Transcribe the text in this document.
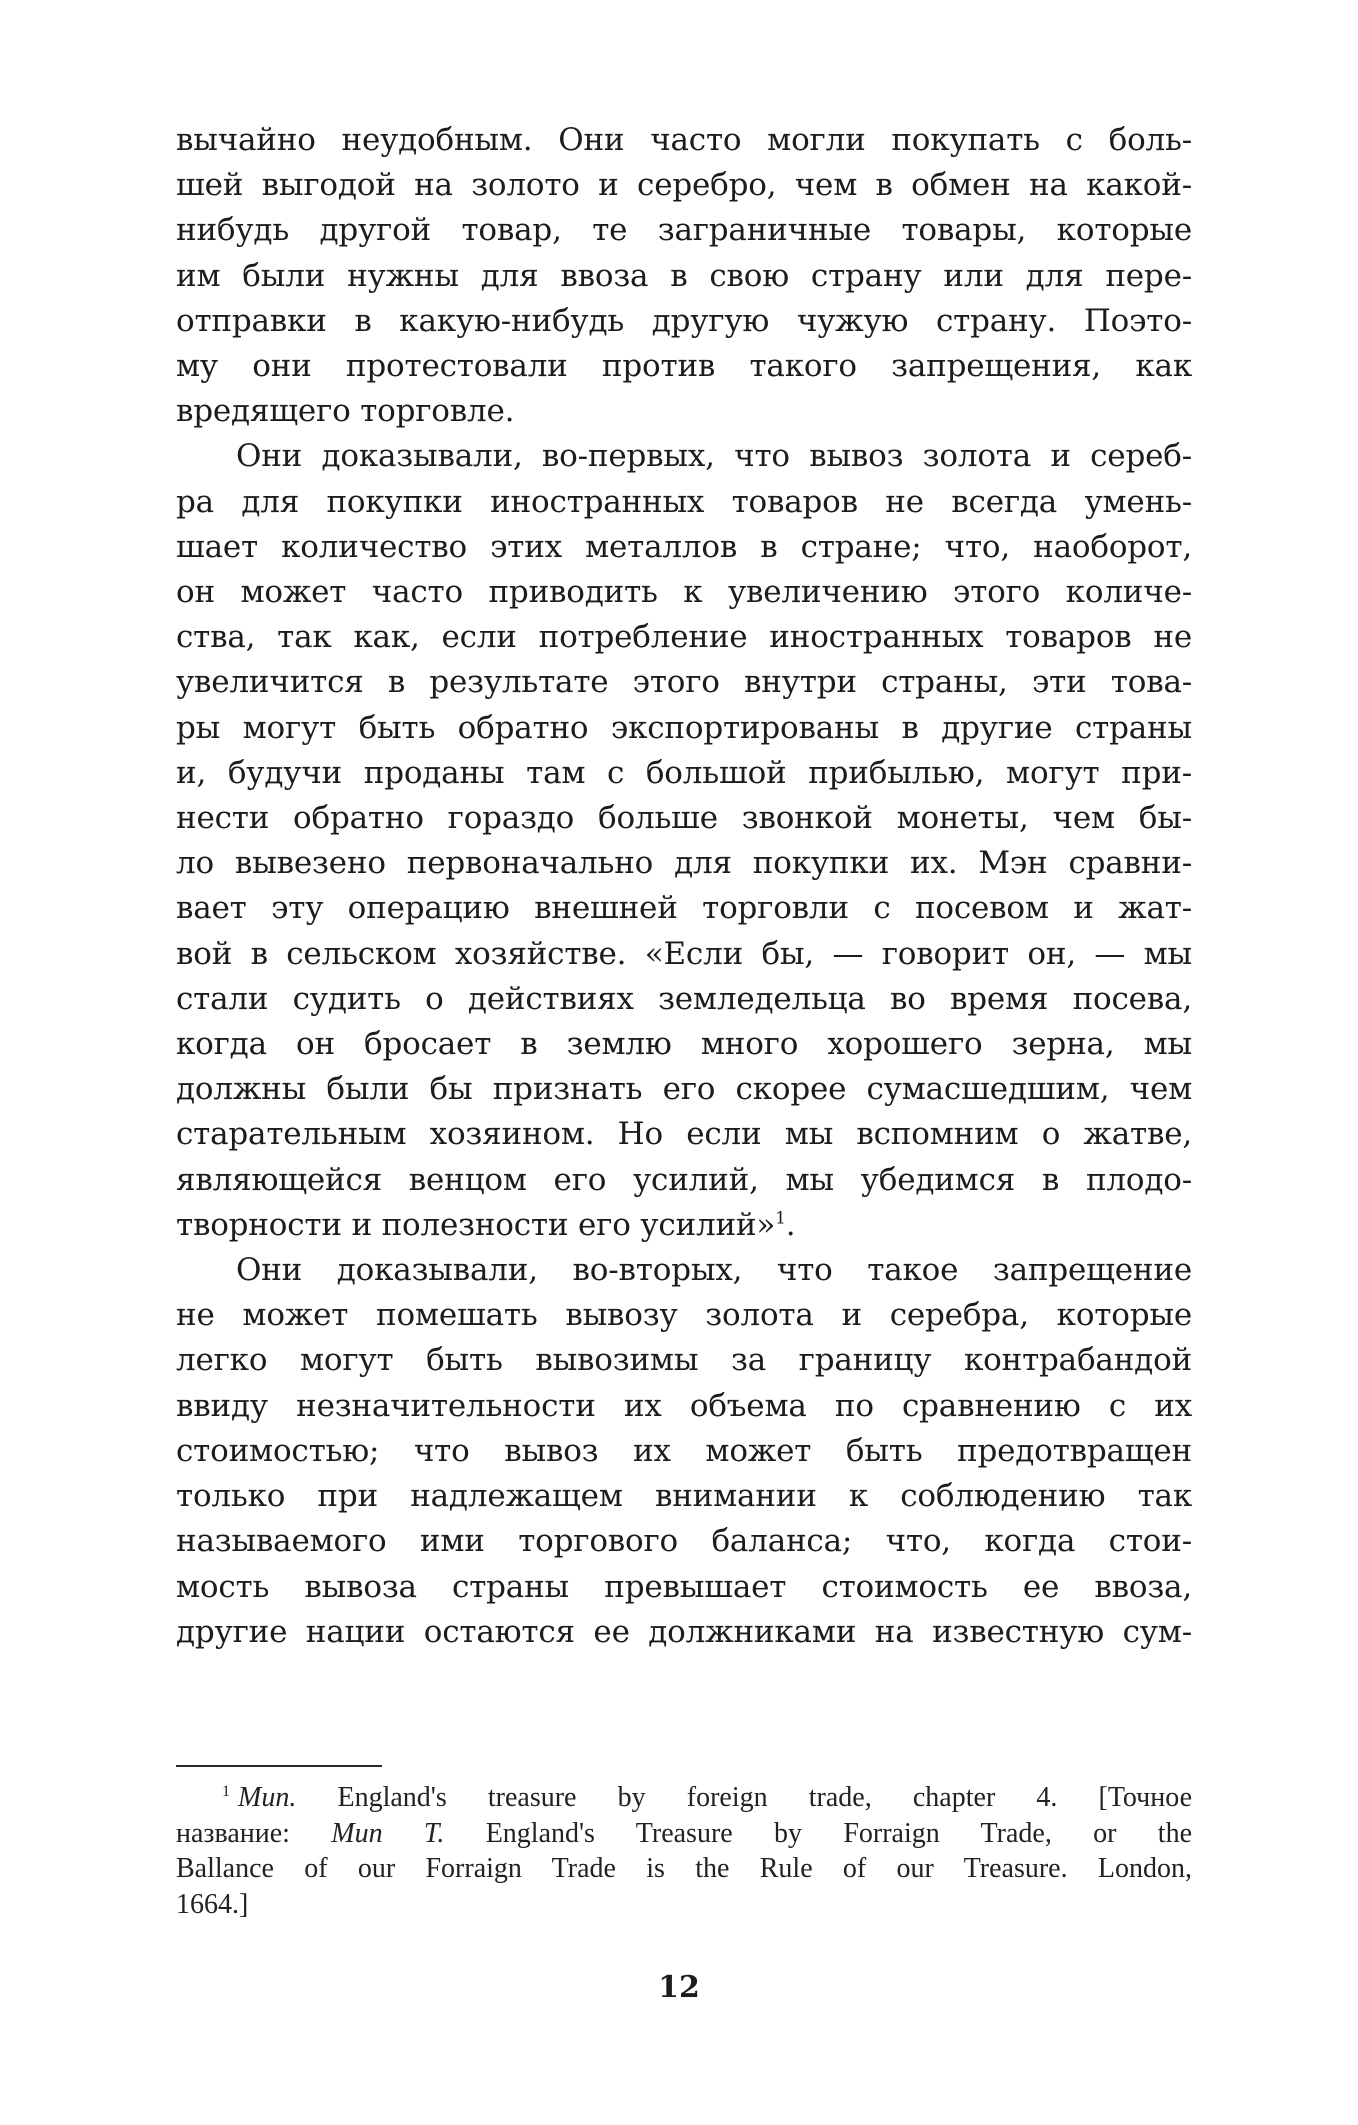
вычайно неудобным. Они часто могли покупать с боль-
шей выгодой на золото и серебро, чем в обмен на какой-
нибудь другой товар, те заграничные товары, которые
им были нужны для ввоза в свою страну или для пере-
отправки в какую-нибудь другую чужую страну. Поэто-
му они протестовали против такого запрещения, как
вредящего торговле.
Они доказывали, во-первых, что вывоз золота и сереб-
ра для покупки иностранных товаров не всегда умень-
шает количество этих металлов в стране; что, наоборот,
он может часто приводить к увеличению этого количе-
ства, так как, если потребление иностранных товаров не
увеличится в результате этого внутри страны, эти това-
ры могут быть обратно экспортированы в другие страны
и, будучи проданы там с большой прибылью, могут при-
нести обратно гораздо больше звонкой монеты, чем бы-
ло вывезено первоначально для покупки их. Мэн сравни-
вает эту операцию внешней торговли с посевом и жат-
вой в сельском хозяйстве. «Если бы, — говорит он, — мы
стали судить о действиях земледельца во время посева,
когда он бросает в землю много хорошего зерна, мы
должны были бы признать его скорее сумасшедшим, чем
старательным хозяином. Но если мы вспомним о жатве,
являющейся венцом его усилий, мы убедимся в плодо-
творности и полезности его усилий»$^1$.
Они доказывали, во-вторых, что такое запрещение
не может помешать вывозу золота и серебра, которые
легко могут быть вывозимы за границу контрабандой
ввиду незначительности их объема по сравнению с их
стоимостью; что вывоз их может быть предотвращен
только при надлежащем внимании к соблюдению так
называемого ими торгового баланса; что, когда стои-
мость вывоза страны превышает стоимость ее ввоза,
другие нации остаются ее должниками на известную сум-
$^1$ Mun. England's treasure by foreign trade, chapter 4. [Точное
название: Mun T. England's Treasure by Forraign Trade, or the
Ballance of our Forraign Trade is the Rule of our Treasure. London,
1664.]
12
